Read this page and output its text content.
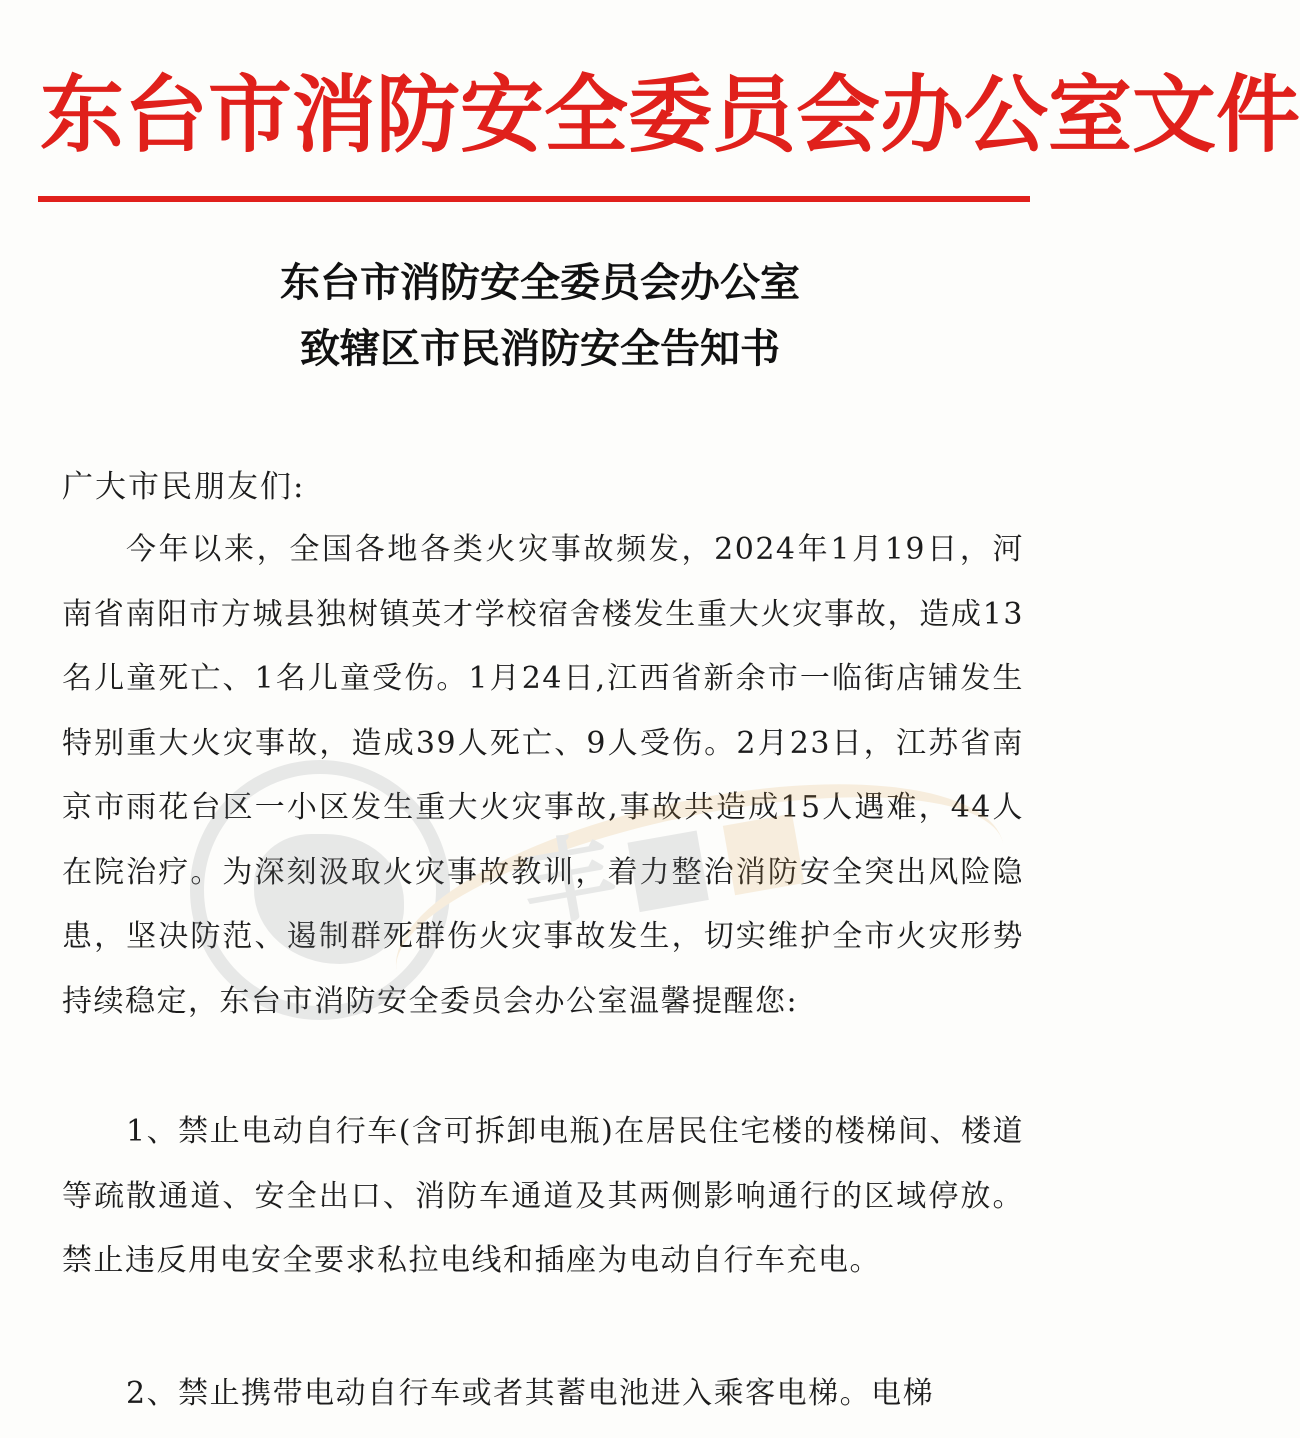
东台市消防安全委员会办公室文件
东台市消防安全委员会办公室
致辖区市民消防安全告知书
广大市民朋友们:
今年以来，全国各地各类火灾事故频发，2024年1月19日，河南省南阳市方城县独树镇英才学校宿舍楼发生重大火灾事故，造成13名儿童死亡、1名儿童受伤。1月24日,江西省新余市一临街店铺发生特别重大火灾事故，造成39人死亡、9人受伤。2月23日，江苏省南京市雨花台区一小区发生重大火灾事故,事故共造成15人遇难，44人在院治疗。为深刻汲取火灾事故教训，着力整治消防安全突出风险隐患，坚决防范、遏制群死群伤火灾事故发生，切实维护全市火灾形势持续稳定，东台市消防安全委员会办公室温馨提醒您:
1、禁止电动自行车(含可拆卸电瓶)在居民住宅楼的楼梯间、楼道等疏散通道、安全出口、消防车通道及其两侧影响通行的区域停放。禁止违反用电安全要求私拉电线和插座为电动自行车充电。
2、禁止携带电动自行车或者其蓄电池进入乘客电梯。电梯
丰■■
